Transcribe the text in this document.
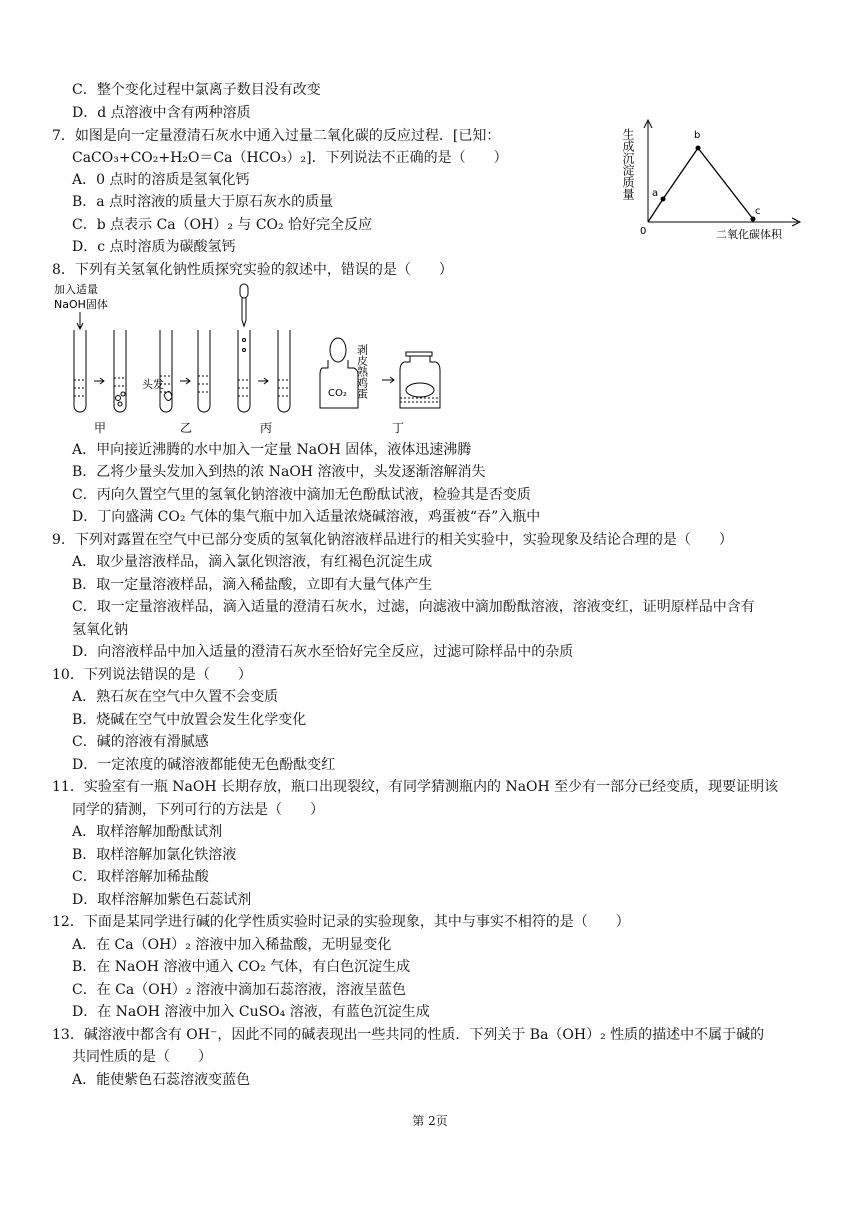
C．整个变化过程中氯离子数目没有改变
D．d 点溶液中含有两种溶质
7．如图是向一定量澄清石灰水中通入过量二氧化碳的反应过程．[已知：
CaCO₃+CO₂+H₂O＝Ca（HCO₃）₂]．下列说法不正确的是（　　）
A．0 点时的溶质是氢氧化钙
B．a 点时溶液的质量大于原石灰水的质量
C．b 点表示 Ca（OH）₂ 与 CO₂ 恰好完全反应
D．c 点时溶质为碳酸氢钙
8．下列有关氢氧化钠性质探究实验的叙述中，错误的是（　　）
A．甲向接近沸腾的水中加入一定量 NaOH 固体，液体迅速沸腾
B．乙将少量头发加入到热的浓 NaOH 溶液中，头发逐渐溶解消失
C．丙向久置空气里的氢氧化钠溶液中滴加无色酚酞试液，检验其是否变质
D．丁向盛满 CO₂ 气体的集气瓶中加入适量浓烧碱溶液，鸡蛋被“吞”入瓶中
9．下列对露置在空气中已部分变质的氢氧化钠溶液样品进行的相关实验中，实验现象及结论合理的是（　　）
A．取少量溶液样品，滴入氯化钡溶液，有红褐色沉淀生成
B．取一定量溶液样品，滴入稀盐酸，立即有大量气体产生
C．取一定量溶液样品，滴入适量的澄清石灰水，过滤，向滤液中滴加酚酞溶液，溶液变红，证明原样品中含有
氢氧化钠
D．向溶液样品中加入适量的澄清石灰水至恰好完全反应，过滤可除样品中的杂质
10．下列说法错误的是（　　）
A．熟石灰在空气中久置不会变质
B．烧碱在空气中放置会发生化学变化
C．碱的溶液有滑腻感
D．一定浓度的碱溶液都能使无色酚酞变红
11．实验室有一瓶 NaOH 长期存放，瓶口出现裂纹，有同学猜测瓶内的 NaOH 至少有一部分已经变质，现要证明该
同学的猜测，下列可行的方法是（　　）
A．取样溶解加酚酞试剂
B．取样溶解加氯化铁溶液
C．取样溶解加稀盐酸
D．取样溶解加紫色石蕊试剂
12．下面是某同学进行碱的化学性质实验时记录的实验现象，其中与事实不相符的是（　　）
A．在 Ca（OH）₂ 溶液中加入稀盐酸，无明显变化
B．在 NaOH 溶液中通入 CO₂ 气体，有白色沉淀生成
C．在 Ca（OH）₂ 溶液中滴加石蕊溶液，溶液呈蓝色
D．在 NaOH 溶液中加入 CuSO₄ 溶液，有蓝色沉淀生成
13．碱溶液中都含有 OH⁻，因此不同的碱表现出一些共同的性质．下列关于 Ba（OH）₂ 性质的描述中不属于碱的
共同性质的是（　　）
A．能使紫色石蕊溶液变蓝色
生成沉淀质量
二氧化碳体积
0
a
b
c
加入适量
NaOH固体
头发
CO₂ 剥皮熟鸡蛋
甲	乙	丙	丁
第 2页
